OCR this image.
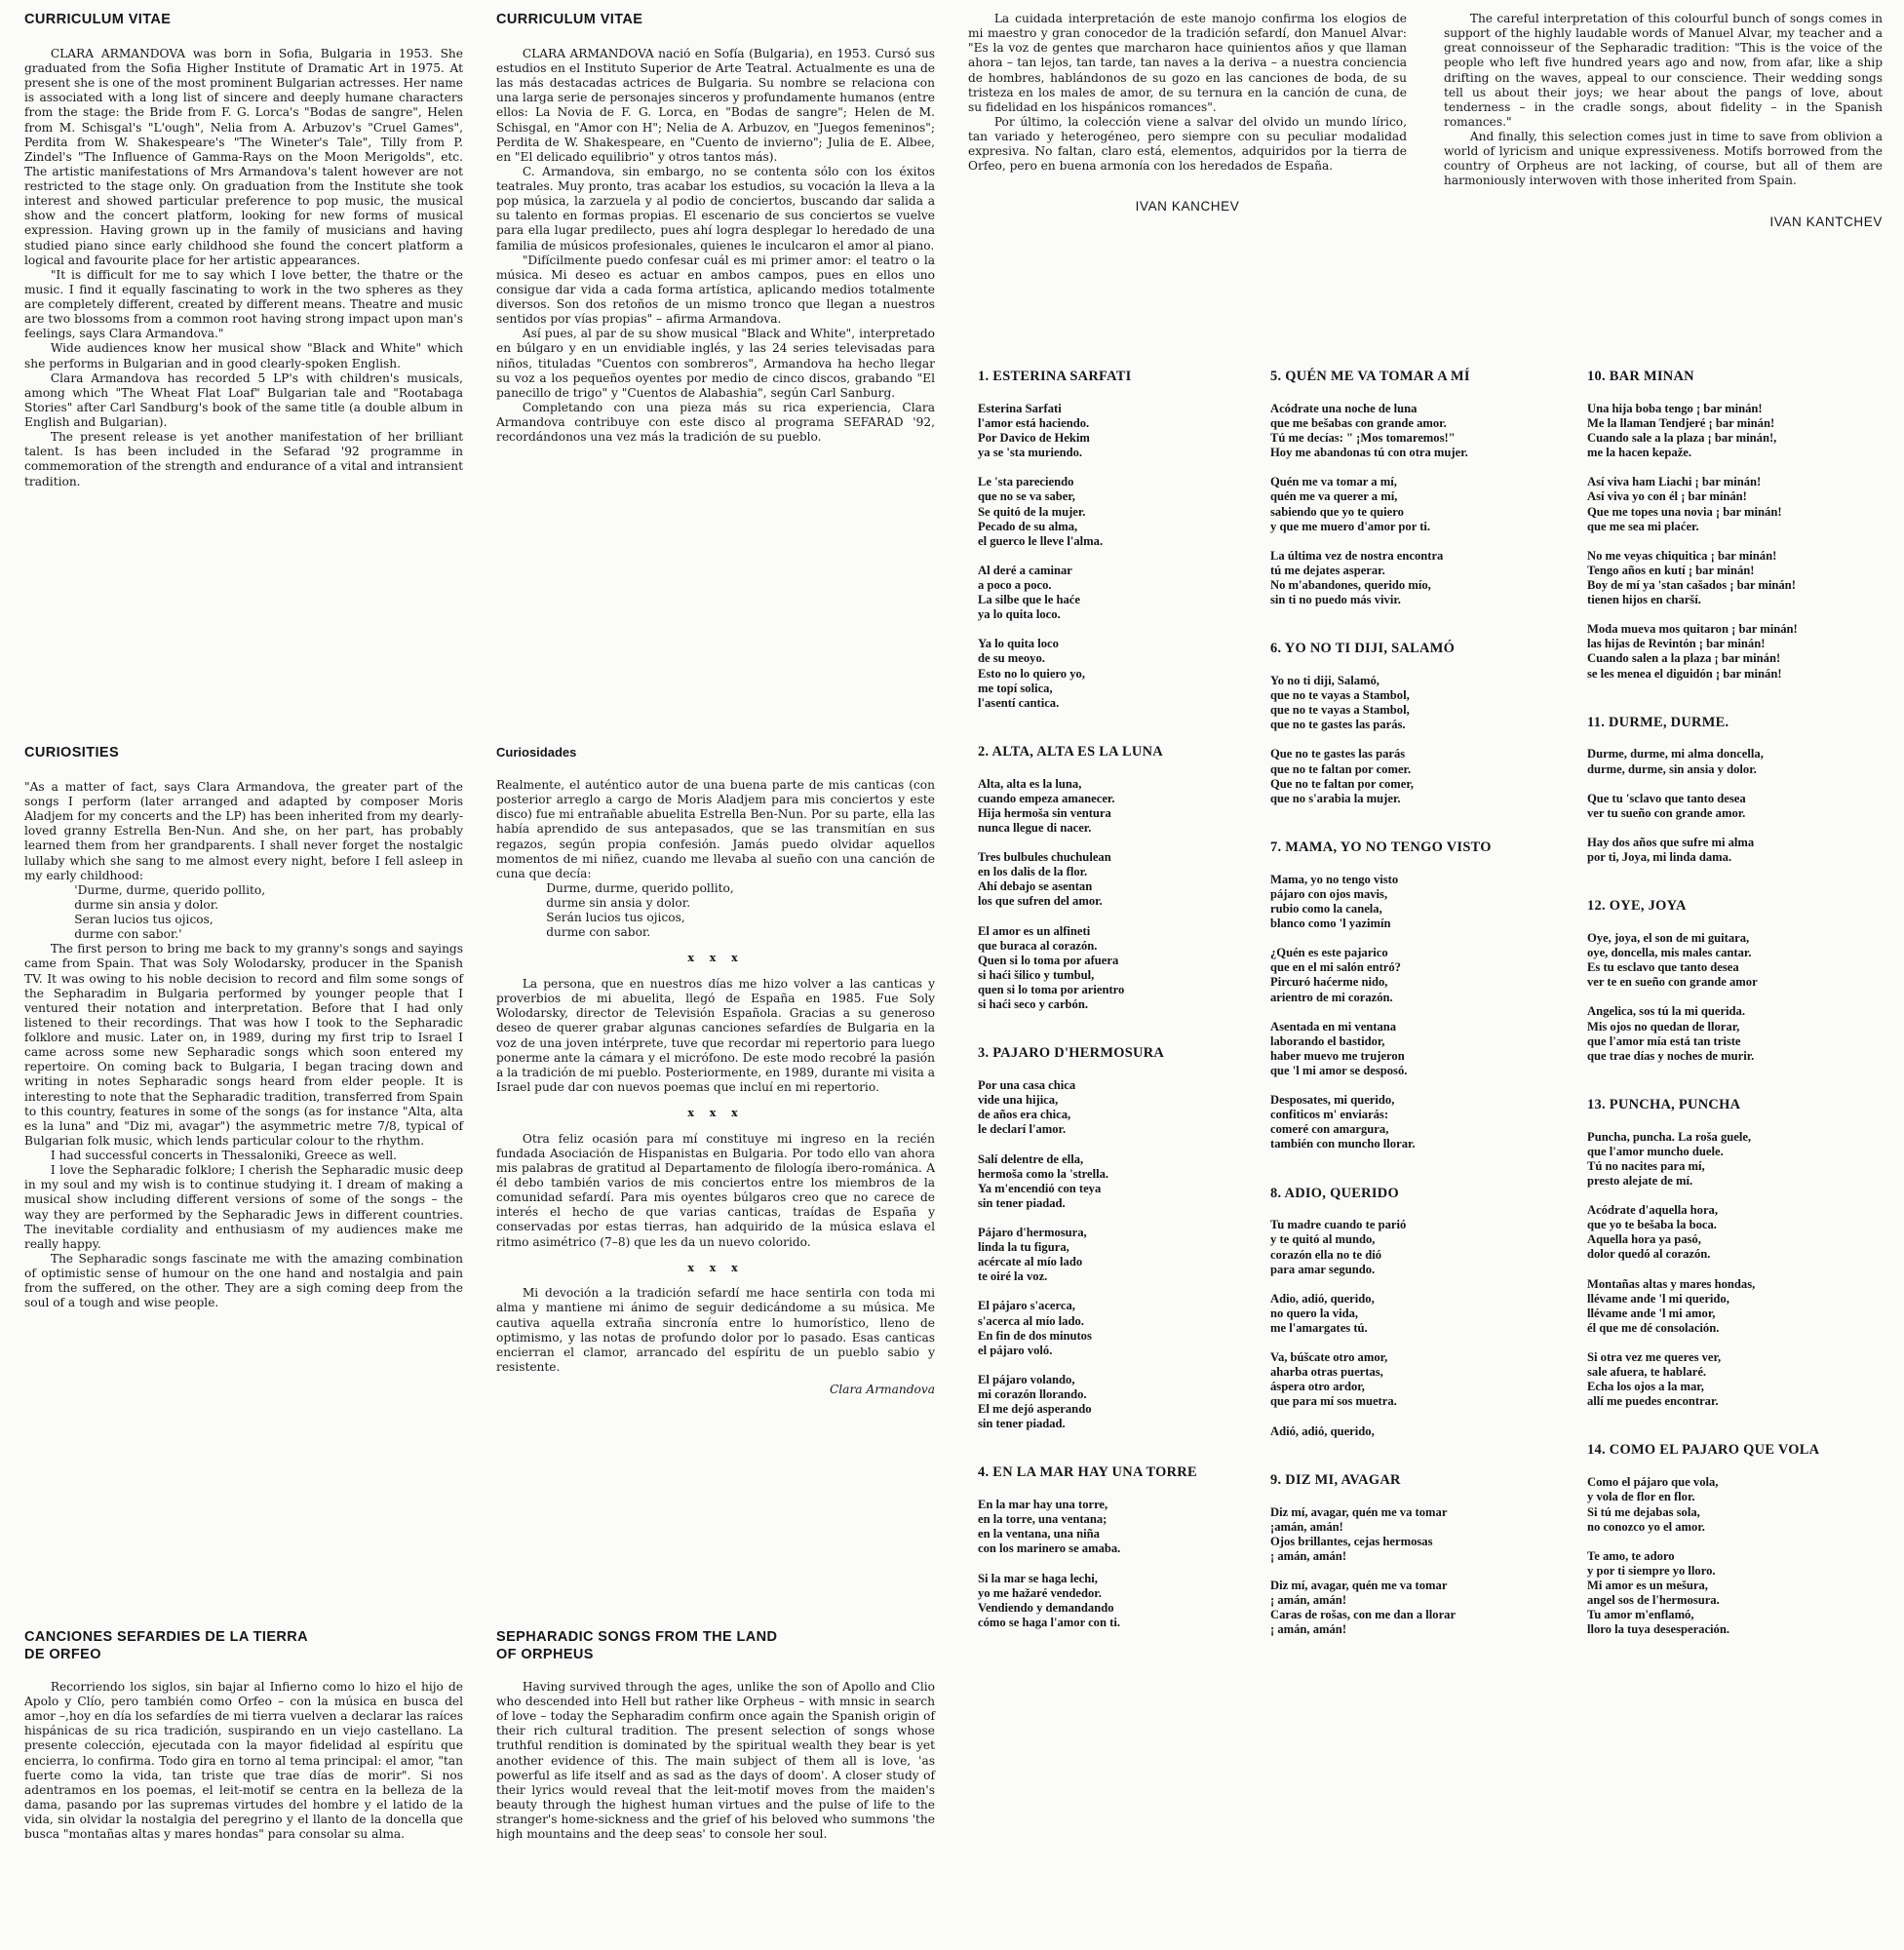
CURRICULUM VITAE

CLARA ARMANDOVA was born in Sofia, Bulgaria in 1953. She graduated from the Sofia Higher Institute of Dramatic Art in 1975. At present she is one of the most prominent Bulgarian actresses. Her name is associated with a long list of sincere and deeply humane characters from the stage: the Bride from F. G. Lorca's "Bodas de sangre", Helen from M. Schisgal's "L'ough", Nelia from A. Arbuzov's "Cruel Games", Perdita from W. Shakespeare's "The Wineter's Tale", Tilly from P. Zindel's "The Influence of Gamma-Rays on the Moon Merigolds", etc. The artistic manifestations of Mrs Armandova's talent however are not restricted to the stage only. On graduation from the Institute she took interest and showed particular preference to pop music, the musical show and the concert platform, looking for new forms of musical expression. Having grown up in the family of musicians and having studied piano since early childhood she found the concert platform a logical and favourite place for her artistic appearances.

"It is difficult for me to say which I love better, the thatre or the music. I find it equally fascinating to work in the two spheres as they are completely different, created by different means. Theatre and music are two blossoms from a common root having strong impact upon man's feelings, says Clara Armandova."

Wide audiences know her musical show "Black and White" which she performs in Bulgarian and in good clearly-spoken English.

Clara Armandova has recorded 5 LP's with children's musicals, among which "The Wheat Flat Loaf" Bulgarian tale and "Rootabaga Stories" after Carl Sandburg's book of the same title (a double album in English and Bulgarian).

The present release is yet another manifestation of her brilliant talent. Is has been included in the Sefarad '92 programme in commemoration of the strength and endurance of a vital and intransient tradition.

CURIOSITIES

"As a matter of fact, says Clara Armandova, the greater part of the songs I perform (later arranged and adapted by composer Moris Aladjem for my concerts and the LP) has been inherited from my dearly-loved granny Estrella Ben-Nun. And she, on her part, has probably learned them from her grandparents. I shall never forget the nostalgic lullaby which she sang to me almost every night, before I fell asleep in my early childhood:

'Durme, durme, querido pollito,

durme sin ansia y dolor.

Seran lucios tus ojicos,

durme con sabor.'

The first person to bring me back to my granny's songs and sayings came from Spain. That was Soly Wolodarsky, producer in the Spanish TV. It was owing to his noble decision to record and film some songs of the Sepharadim in Bulgaria performed by younger people that I ventured their notation and interpretation. Before that I had only listened to their recordings. That was how I took to the Sepharadic folklore and music. Later on, in 1989, during my first trip to Israel I came across some new Sepharadic songs which soon entered my repertoire. On coming back to Bulgaria, I began tracing down and writing in notes Sepharadic songs heard from elder people. It is interesting to note that the Sepharadic tradition, transferred from Spain to this country, features in some of the songs (as for instance "Alta, alta es la luna" and "Diz mi, avagar") the asymmetric metre 7/8, typical of Bulgarian folk music, which lends particular colour to the rhythm.

I had successful concerts in Thessaloniki, Greece as well.

I love the Sepharadic folklore; I cherish the Sepharadic music deep in my soul and my wish is to continue studying it. I dream of making a musical show including different versions of some of the songs – the way they are performed by the Sepharadic Jews in different countries. The inevitable cordiality and enthusiasm of my audiences make me really happy.

The Sepharadic songs fascinate me with the amazing combination of optimistic sense of humour on the one hand and nostalgia and pain from the suffered, on the other. They are a sigh coming deep from the soul of a tough and wise people.

CANCIONES SEFARDIES DE LA TIERRA
DE ORFEO

Recorriendo los siglos, sin bajar al Infierno como lo hizo el hijo de Apolo y Clío, pero también como Orfeo – con la música en busca del amor –,hoy en día los sefardíes de mi tierra vuelven a declarar las raíces hispánicas de su rica tradición, suspirando en un viejo castellano. La presente colección, ejecutada con la mayor fidelidad al espíritu que encierra, lo confirma. Todo gira en torno al tema principal: el amor, "tan fuerte como la vida, tan triste que trae días de morir". Si nos adentramos en los poemas, el leit-motif se centra en la belleza de la dama, pasando por las supremas virtudes del hombre y el latido de la vida, sin olvidar la nostalgia del peregrino y el llanto de la doncella que busca "montañas altas y mares hondas" para consolar su alma.

CURRICULUM VITAE

CLARA ARMANDOVA nació en Sofía (Bulgaria), en 1953. Cursó sus estudios en el Instituto Superior de Arte Teatral. Actualmente es una de las más destacadas actrices de Bulgaria. Su nombre se relaciona con una larga serie de personajes sinceros y profundamente humanos (entre ellos: La Novia de F. G. Lorca, en "Bodas de sangre"; Helen de M. Schisgal, en "Amor con H"; Nelia de A. Arbuzov, en "Juegos femeninos"; Perdita de W. Shakespeare, en "Cuento de invierno"; Julia de E. Albee, en "El delicado equilibrio" y otros tantos más).

C. Armandova, sin embargo, no se contenta sólo con los éxitos teatrales. Muy pronto, tras acabar los estudios, su vocación la lleva a la pop música, la zarzuela y al podio de conciertos, buscando dar salida a su talento en formas propias. El escenario de sus conciertos se vuelve para ella lugar predilecto, pues ahí logra desplegar lo heredado de una familia de músicos profesionales, quienes le inculcaron el amor al piano.

"Difícilmente puedo confesar cuál es mi primer amor: el teatro o la música. Mi deseo es actuar en ambos campos, pues en ellos uno consigue dar vida a cada forma artística, aplicando medios totalmente diversos. Son dos retoños de un mismo tronco que llegan a nuestros sentidos por vías propias" – afirma Armandova.

Así pues, al par de su show musical "Black and White", interpretado en búlgaro y en un envidiable inglés, y las 24 series televisadas para niños, tituladas "Cuentos con sombreros", Armandova ha hecho llegar su voz a los pequeños oyentes por medio de cinco discos, grabando "El panecillo de trigo" y "Cuentos de Alabashia", según Carl Sanburg.

Completando con una pieza más su rica experiencia, Clara Armandova contribuye con este disco al programa SEFARAD '92, recordándonos una vez más la tradición de su pueblo.

Curiosidades

Realmente, el auténtico autor de una buena parte de mis canticas (con posterior arreglo a cargo de Moris Aladjem para mis conciertos y este disco) fue mi entrañable abuelita Estrella Ben-Nun. Por su parte, ella las había aprendido de sus antepasados, que se las transmitían en sus regazos, según propia confesión. Jamás puedo olvidar aquellos momentos de mi niñez, cuando me llevaba al sueño con una canción de cuna que decía:

Durme, durme, querido pollito,

durme sin ansia y dolor.

Serán lucios tus ojicos,

durme con sabor.

x x x

La persona, que en nuestros días me hizo volver a las canticas y proverbios de mi abuelita, llegó de España en 1985. Fue Soly Wolodarsky, director de Televisión Española. Gracias a su generoso deseo de querer grabar algunas canciones sefardíes de Bulgaria en la voz de una joven intérprete, tuve que recordar mi repertorio para luego ponerme ante la cámara y el micrófono. De este modo recobré la pasión a la tradición de mi pueblo. Posteriormente, en 1989, durante mi visita a Israel pude dar con nuevos poemas que incluí en mi repertorio.

x x x

Otra feliz ocasión para mí constituye mi ingreso en la recién fundada Asociación de Hispanistas en Bulgaria. Por todo ello van ahora mis palabras de gratitud al Departamento de filología ibero-románica. A él debo también varios de mis conciertos entre los miembros de la comunidad sefardí. Para mis oyentes búlgaros creo que no carece de interés el hecho de que varias canticas, traídas de España y conservadas por estas tierras, han adquirido de la música eslava el ritmo asimétrico (7–8) que les da un nuevo colorido.

x x x

Mi devoción a la tradición sefardí me hace sentirla con toda mi alma y mantiene mi ánimo de seguir dedicándome a su música. Me cautiva aquella extraña sincronía entre lo humorístico, lleno de optimismo, y las notas de profundo dolor por lo pasado. Esas canticas encierran el clamor, arrancado del espíritu de un pueblo sabio y resistente.

Clara Armandova
SEPHARADIC SONGS FROM THE LAND
OF ORPHEUS

Having survived through the ages, unlike the son of Apollo and Clio who descended into Hell but rather like Orpheus – with mnsic in search of love – today the Sepharadim confirm once again the Spanish origin of their rich cultural tradition. The present selection of songs whose truthful rendition is dominated by the spiritual wealth they bear is yet another evidence of this. The main subject of them all is love, 'as powerful as life itself and as sad as the days of doom'. A closer study of their lyrics would reveal that the leit-motif moves from the maiden's beauty through the highest human virtues and the pulse of life to the stranger's home-sickness and the grief of his beloved who summons 'the high mountains and the deep seas' to console her soul.

La cuidada interpretación de este manojo confirma los elogios de mi maestro y gran conocedor de la tradición sefardí, don Manuel Alvar: "Es la voz de gentes que marcharon hace quinientos años y que llaman ahora – tan lejos, tan tarde, tan naves a la deriva – a nuestra conciencia de hombres, hablándonos de su gozo en las canciones de boda, de su tristeza en los males de amor, de su ternura en la canción de cuna, de su fidelidad en los hispánicos romances".

Por último, la colección viene a salvar del olvido un mundo lírico, tan variado y heterogéneo, pero siempre con su peculiar modalidad expresiva. No faltan, claro está, elementos, adquiridos por la tierra de Orfeo, pero en buena armonía con los heredados de España.

IVAN KANCHEV

The careful interpretation of this colourful bunch of songs comes in support of the highly laudable words of Manuel Alvar, my teacher and a great connoisseur of the Sepharadic tradition: "This is the voice of the people who left five hundred years ago and now, from afar, like a ship drifting on the waves, appeal to our conscience. Their wedding songs tell us about their joys; we hear about the pangs of love, about tenderness – in the cradle songs, about fidelity – in the Spanish romances."

And finally, this selection comes just in time to save from oblivion a world of lyricism and unique expressiveness. Motifs borrowed from the country of Orpheus are not lacking, of course, but all of them are harmoniously interwoven with those inherited from Spain.

IVAN KANTCHEV
1. ESTERINA SARFATI
Esterina Sarfati
l'amor está haciendo.
Por Davico de Hekim
ya se 'sta muriendo.
Le 'sta pareciendo
que no se va saber,
Se quitó de la mujer.
Pecado de su alma,
el guerco le lleve l'alma.
Al deré a caminar
a poco a poco.
La silbe que le haće
ya lo quita loco.
Ya lo quita loco
de su meoyo.
Esto no lo quiero yo,
me topí solica,
l'asentí cantica.
2. ALTA, ALTA ES LA LUNA
Alta, alta es la luna,
cuando empeza amanecer.
Hija hermoša sin ventura
nunca llegue di nacer.
Tres bulbules chuchulean
en los dalis de la flor.
Ahí debajo se asentan
los que sufren del amor.
El amor es un alfineti
que buraca al corazón.
Quen si lo toma por afuera
si haći šilico y tumbul,
quen si lo toma por arientro
si haći seco y carbón.
3. PAJARO D'HERMOSURA
Por una casa chica
vide una hijica,
de años era chica,
le declarí l'amor.
Salí delentre de ella,
hermoša como la 'strella.
Ya m'encendió con teya
sin tener piadad.
Pájaro d'hermosura,
linda la tu figura,
acércate al mío lado
te oiré la voz.
El pájaro s'acerca,
s'acerca al mío lado.
En fin de dos minutos
el pájaro voló.
El pájaro volando,
mi corazón llorando.
El me dejó asperando
sin tener piadad.
4. EN LA MAR HAY UNA TORRE
En la mar hay una torre,
en la torre, una ventana;
en la ventana, una niña
con los marinero se amaba.
Si la mar se haga lechi,
yo me hažaré vendedor.
Vendiendo y demandando
cómo se haga l'amor con ti.
5. QUÉN ME VA TOMAR A MÍ
Acódrate una noche de luna
que me bešabas con grande amor.
Tú me decías: " ¡Mos tomaremos!"
Hoy me abandonas tú con otra mujer.
Quén me va tomar a mí,
quén me va querer a mí,
sabiendo que yo te quiero
y que me muero d'amor por ti.
La última vez de nostra encontra
tú me dejates asperar.
No m'abandones, querido mío,
sin ti no puedo más vivir.
6. YO NO TI DIJI, SALAMÓ
Yo no ti diji, Salamó,
que no te vayas a Stambol,
que no te vayas a Stambol,
que no te gastes las parás.
Que no te gastes las parás
que no te faltan por comer.
Que no te faltan por comer,
que no s'arabia la mujer.
7. MAMA, YO NO TENGO VISTO
Mama, yo no tengo visto
pájaro con ojos mavis,
rubio como la canela,
blanco como 'l yazimín
¿Quén es este pajarico
que en el mi salón entró?
Pircuró haćerme nido,
arientro de mi corazón.
Asentada en mi ventana
laborando el bastidor,
haber muevo me trujeron
que 'l mi amor se desposó.
Desposates, mi querido,
confiticos m' enviarás:
comeré con amargura,
también con muncho llorar.
8. ADIO, QUERIDO
Tu madre cuando te parió
y te quitó al mundo,
corazón ella no te dió
para amar segundo.
Adio, adió, querido,
no quero la vida,
me l'amargates tú.
Va, búšcate otro amor,
aharba otras puertas,
áspera otro ardor,
que para mí sos muetra.
Adió, adió, querido,
9. DIZ MI, AVAGAR
Diz mí, avagar, quén me va tomar
¡amán, amán!
Ojos brillantes, cejas hermosas
¡ amán, amán!
Diz mí, avagar, quén me va tomar
¡ amán, amán!
Caras de rošas, con me dan a llorar
¡ amán, amán!
10. BAR MINAN
Una hija boba tengo ¡ bar minán!
Me la llaman Tendjeré ¡ bar minán!
Cuando sale a la plaza ¡ bar minán!,
me la hacen kepaže.
Así viva ham Liachi ¡ bar minán!
Así viva yo con él ¡ bar minán!
Que me topes una novia ¡ bar minán!
que me sea mi plaćer.
No me veyas chiquitica ¡ bar minán!
Tengo años en kutí ¡ bar minán!
Boy de mí ya 'stan cašados ¡ bar minán!
tienen hijos en charší.
Moda mueva mos quitaron ¡ bar minán!
las hijas de Revintón ¡ bar minán!
Cuando salen a la plaza ¡ bar minán!
se les menea el diguidón ¡ bar minán!
11. DURME, DURME.
Durme, durme, mi alma doncella,
durme, durme, sin ansia y dolor.
Que tu 'sclavo que tanto desea
ver tu sueño con grande amor.
Hay dos años que sufre mi alma
por ti, Joya, mi linda dama.
12. OYE, JOYA
Oye, joya, el son de mi guitara,
oye, doncella, mis males cantar.
Es tu esclavo que tanto desea
ver te en sueño con grande amor
Angelica, sos tú la mi querida.
Mis ojos no quedan de llorar,
que l'amor mía está tan triste
que trae días y noches de murir.
13. PUNCHA, PUNCHA
Puncha, puncha. La roša guele,
que l'amor muncho duele.
Tú no nacites para mí,
presto alejate de mí.
Acódrate d'aquella hora,
que yo te bešaba la boca.
Aquella hora ya pasó,
dolor quedó al corazón.
Montañas altas y mares hondas,
llévame ande 'l mi querido,
llévame ande 'l mi amor,
él que me dé consolación.
Si otra vez me queres ver,
sale afuera, te hablaré.
Echa los ojos a la mar,
allí me puedes encontrar.
14. COMO EL PAJARO QUE VOLA
Como el pájaro que vola,
y vola de flor en flor.
Si tú me dejabas sola,
no conozco yo el amor.
Te amo, te adoro
y por ti siempre yo lloro.
Mi amor es un mešura,
angel sos de l'hermosura.
Tu amor m'enflamó,
lloro la tuya desesperación.
